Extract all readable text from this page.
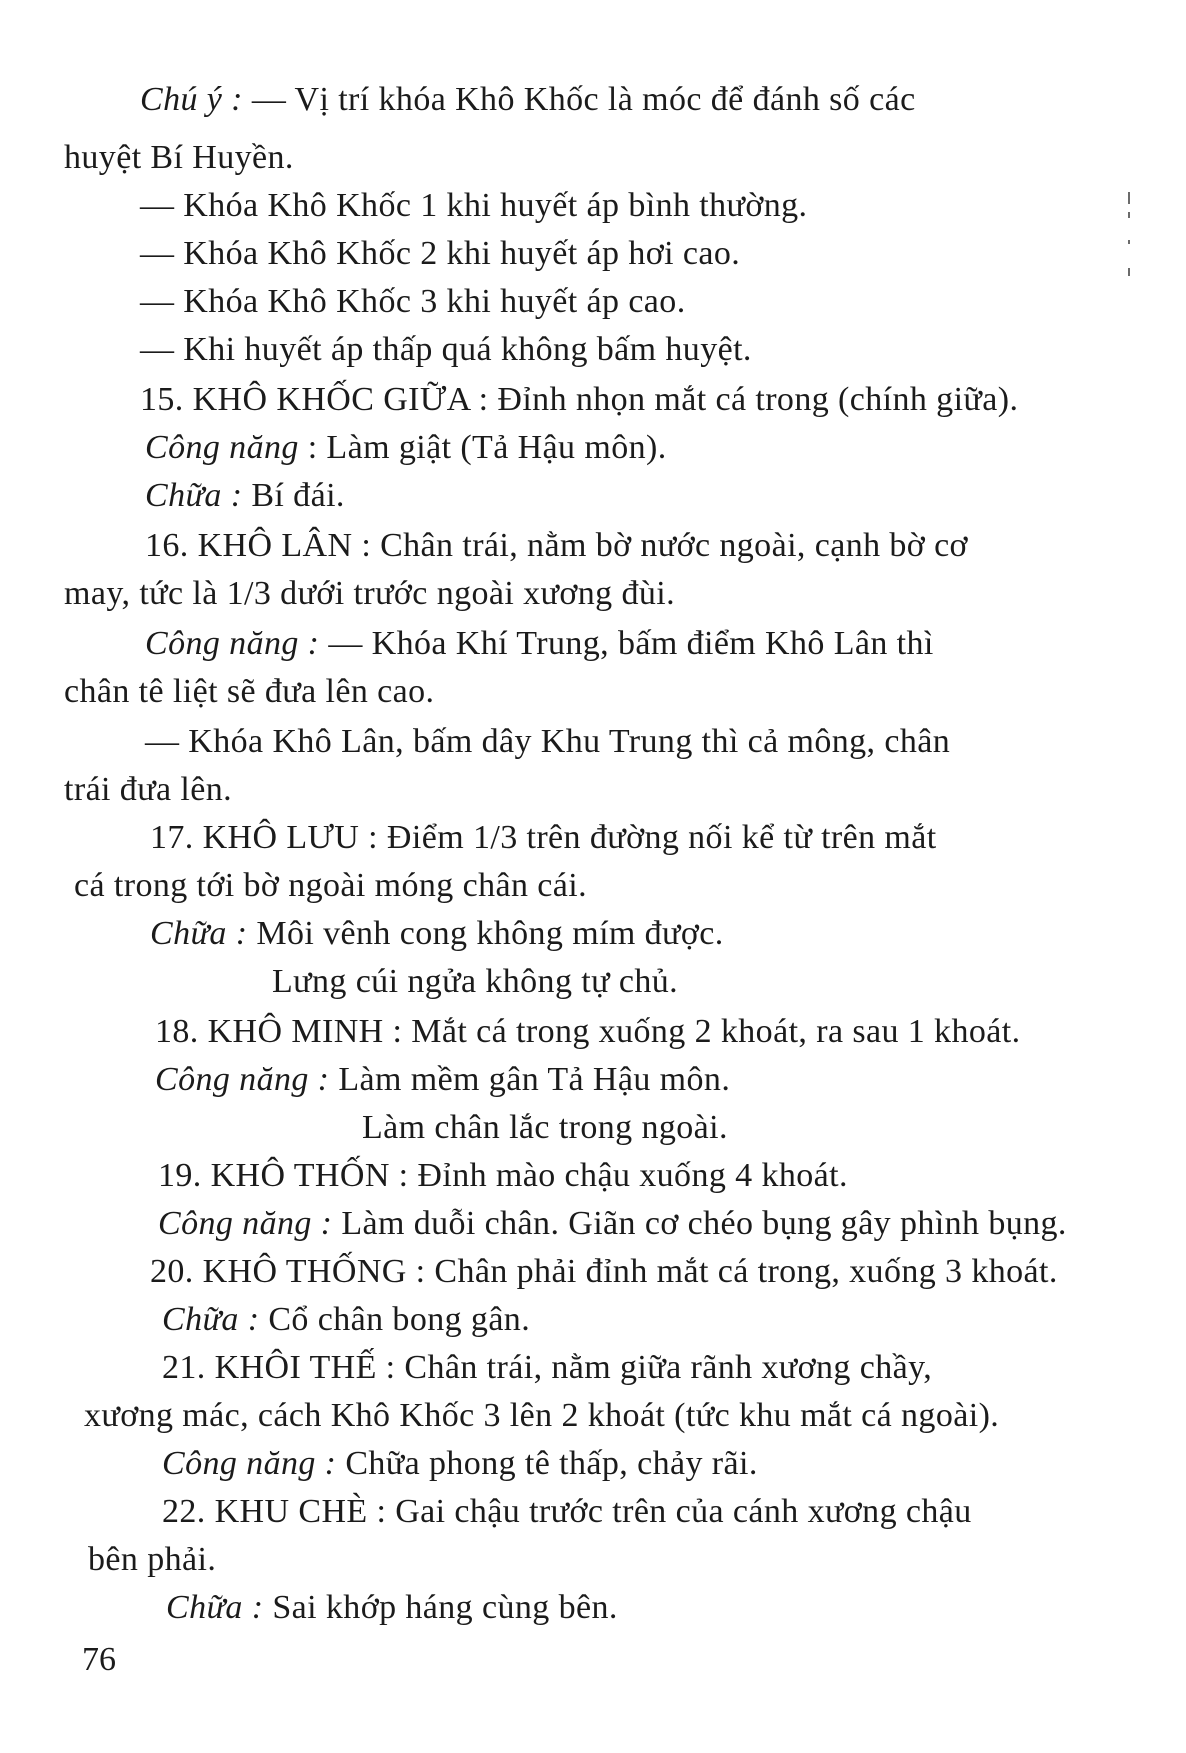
Chú ý : — Vị trí khóa Khô Khốc là móc để đánh số các
huyệt Bí Huyền.
— Khóa Khô Khốc 1 khi huyết áp bình thường.
— Khóa Khô Khốc 2 khi huyết áp hơi cao.
— Khóa Khô Khốc 3 khi huyết áp cao.
— Khi huyết áp thấp quá không bấm huyệt.
15. KHÔ KHỐC GIỮA : Đỉnh nhọn mắt cá trong (chính giữa).
Công năng : Làm giật (Tả Hậu môn).
Chữa : Bí đái.
16. KHÔ LÂN : Chân trái, nằm bờ nước ngoài, cạnh bờ cơ
may, tức là 1/3 dưới trước ngoài xương đùi.
Công năng : — Khóa Khí Trung, bấm điểm Khô Lân thì
chân tê liệt sẽ đưa lên cao.
— Khóa Khô Lân, bấm dây Khu Trung thì cả mông, chân
trái đưa lên.
17. KHÔ LƯU : Điểm 1/3 trên đường nối kể từ trên mắt
cá trong tới bờ ngoài móng chân cái.
Chữa : Môi vênh cong không mím được.
Lưng cúi ngửa không tự chủ.
18. KHÔ MINH : Mắt cá trong xuống 2 khoát, ra sau 1 khoát.
Công năng : Làm mềm gân Tả Hậu môn.
Làm chân lắc trong ngoài.
19. KHÔ THỐN : Đỉnh mào chậu xuống 4 khoát.
Công năng : Làm duỗi chân. Giãn cơ chéo bụng gây phình bụng.
20. KHÔ THỐNG : Chân phải đỉnh mắt cá trong, xuống 3 khoát.
Chữa : Cổ chân bong gân.
21. KHÔI THẾ : Chân trái, nằm giữa rãnh xương chầy,
xương mác, cách Khô Khốc 3 lên 2 khoát (tức khu mắt cá ngoài).
Công năng : Chữa phong tê thấp, chảy rãi.
22. KHU CHÈ : Gai chậu trước trên của cánh xương chậu
bên phải.
Chữa : Sai khớp háng cùng bên.
76
